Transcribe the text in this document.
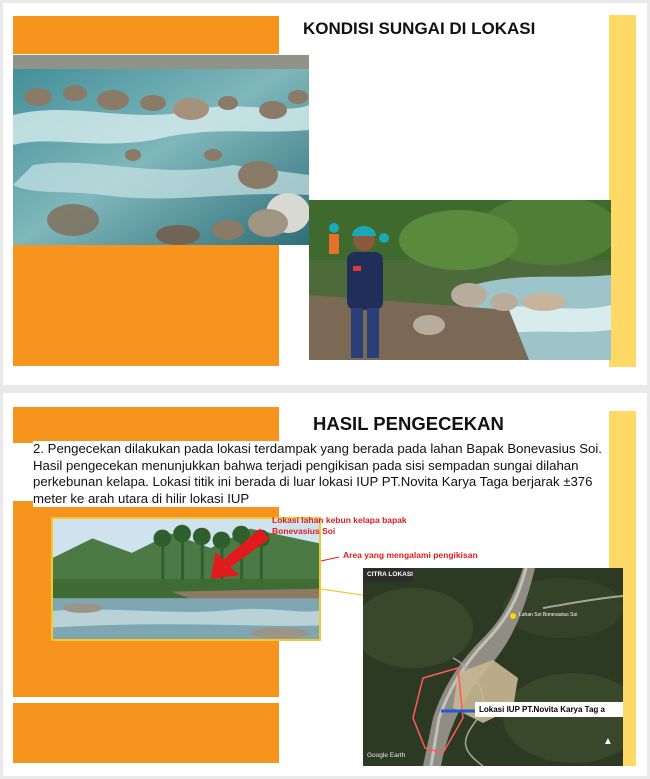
KONDISI SUNGAI DI LOKASI
HASIL PENGECEKAN
2. Pengecekan dilakukan pada lokasi terdampak yang berada pada lahan Bapak Bonevasius Soi. Hasil pengecekan menunjukkan bahwa terjadi pengikisan pada sisi sempadan sungai dilahan perkebunan kelapa. Lokasi titik ini berada di luar lokasi IUP PT.Novita Karya Taga berjarak ±376 meter ke arah utara di hilir lokasi IUP
Lokasi lahan kebun kelapa bapak
Bonevasius Soi
Area yang mengalami pengikisan
CITRA LOKASI
Lahan Soi Bonevasius Soi
Lokasi IUP PT.Novita Karya Tag a
Google Earth
▲
